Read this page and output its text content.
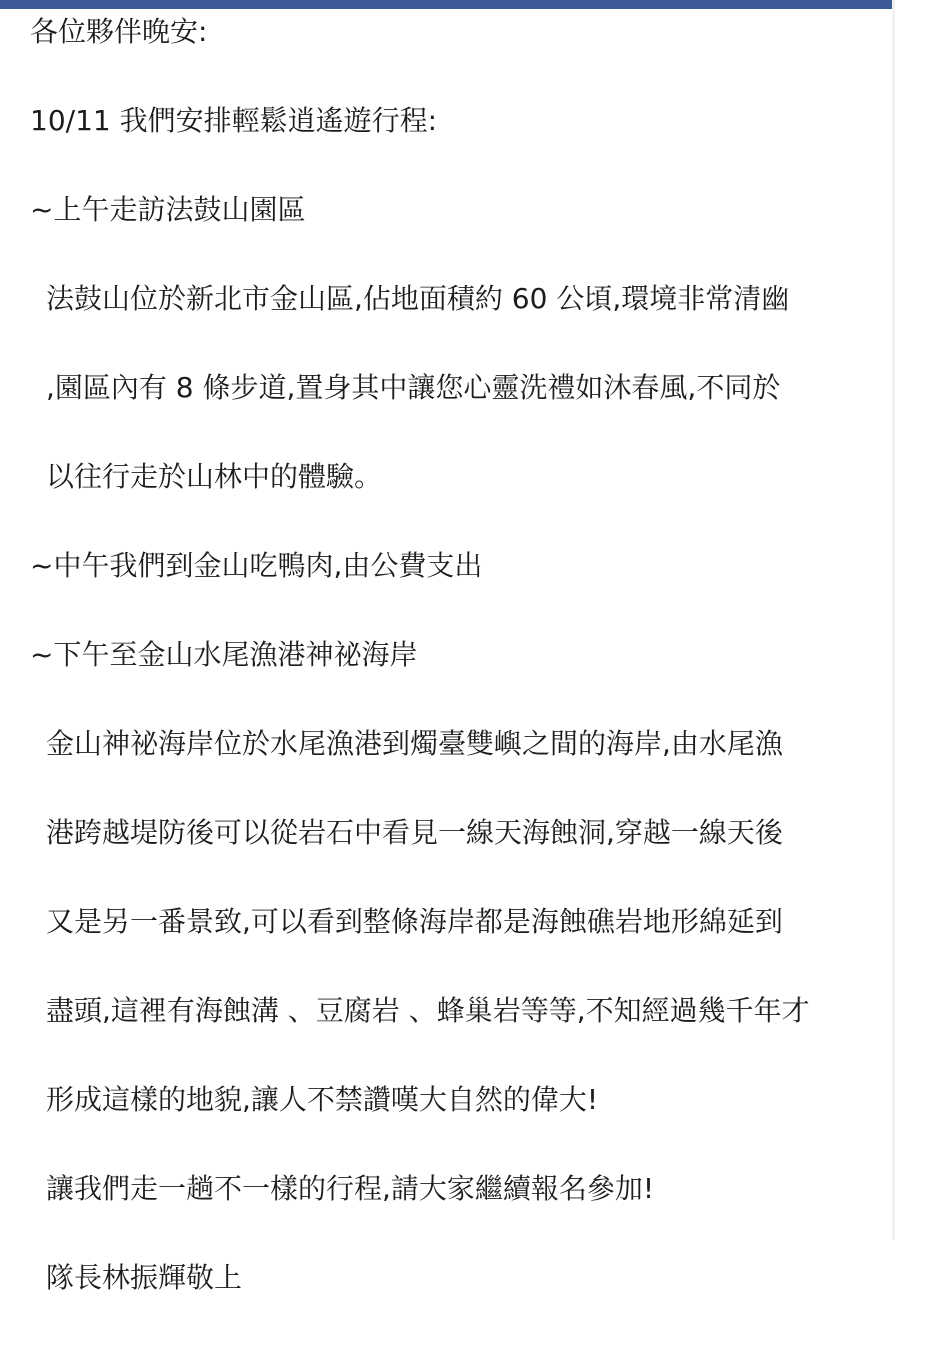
各位夥伴晚安:
10/11 我們安排輕鬆逍遙遊行程:
~上午走訪法鼓山園區
法鼓山位於新北市金山區,佔地面積約 60 公頃,環境非常清幽
,園區內有 8 條步道,置身其中讓您心靈洗禮如沐春風,不同於
以往行走於山林中的體驗。
~中午我們到金山吃鴨肉,由公費支出
~下午至金山水尾漁港神祕海岸
金山神祕海岸位於水尾漁港到燭臺雙嶼之間的海岸,由水尾漁
港跨越堤防後可以從岩石中看見一線天海蝕洞,穿越一線天後
又是另一番景致,可以看到整條海岸都是海蝕礁岩地形綿延到
盡頭,這裡有海蝕溝 、豆腐岩 、蜂巢岩等等,不知經過幾千年才
形成這樣的地貌,讓人不禁讚嘆大自然的偉大!
讓我們走一趟不一樣的行程,請大家繼續報名參加!
隊長林振輝敬上
